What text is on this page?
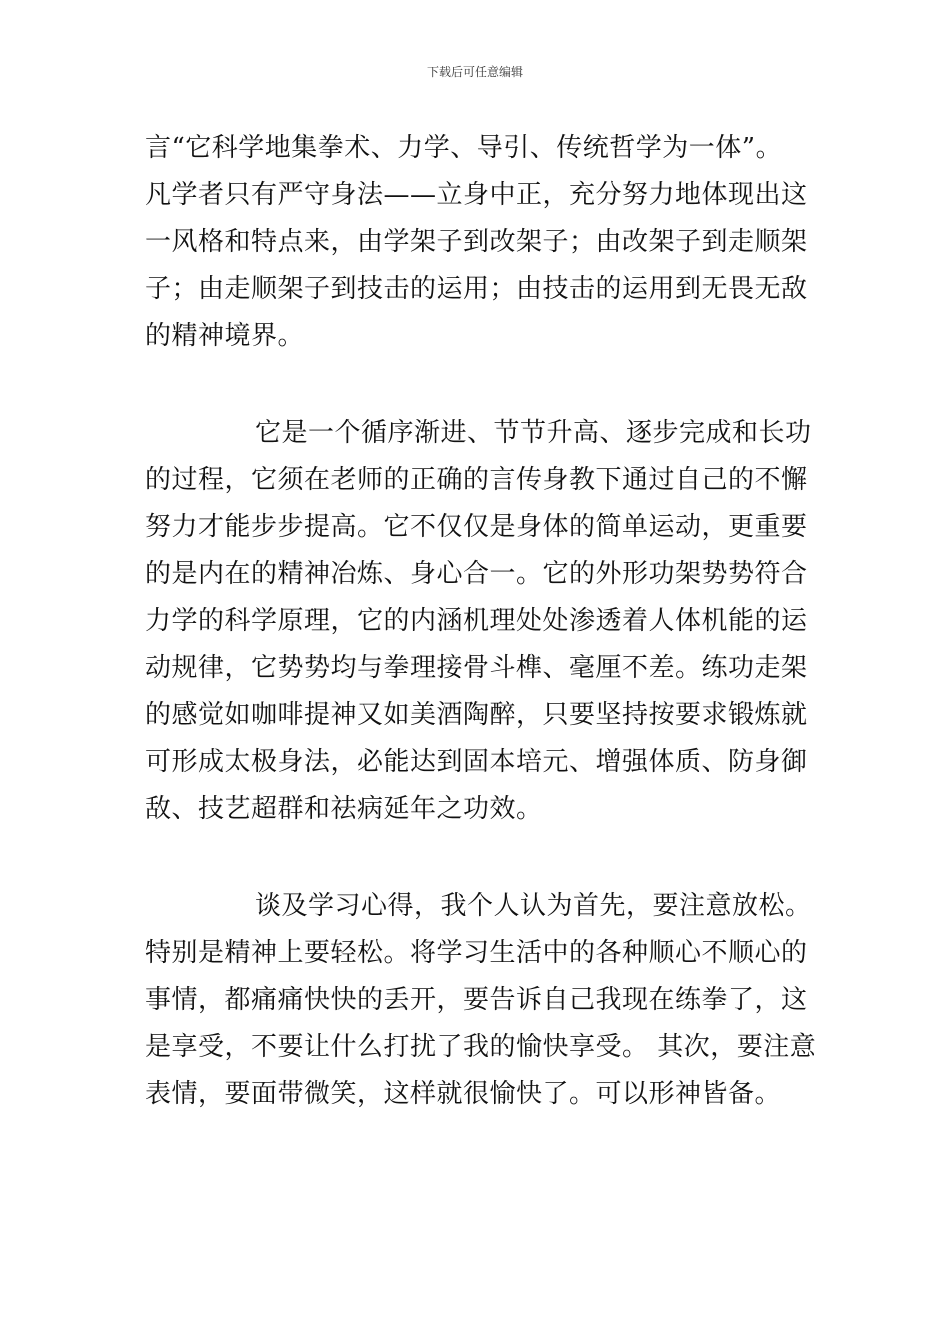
下载后可任意编辑
言“它科学地集拳术、力学、导引、传统哲学为一体”。
凡学者只有严守身法——立身中正，充分努力地体现出这
一风格和特点来，由学架子到改架子；由改架子到走顺架
子；由走顺架子到技击的运用；由技击的运用到无畏无敌
的精神境界。
它是一个循序渐进、节节升高、逐步完成和长功
的过程，它须在老师的正确的言传身教下通过自己的不懈
努力才能步步提高。它不仅仅是身体的简单运动，更重要
的是内在的精神冶炼、身心合一。它的外形功架势势符合
力学的科学原理，它的内涵机理处处渗透着人体机能的运
动规律，它势势均与拳理接骨斗榫、毫厘不差。练功走架
的感觉如咖啡提神又如美酒陶醉，只要坚持按要求锻炼就
可形成太极身法，必能达到固本培元、增强体质、防身御
敌、技艺超群和祛病延年之功效。
谈及学习心得，我个人认为首先，要注意放松。
特别是精神上要轻松。将学习生活中的各种顺心不顺心的
事情，都痛痛快快的丢开，要告诉自己我现在练拳了，这
是享受，不要让什么打扰了我的愉快享受。 其次，要注意
表情，要面带微笑，这样就很愉快了。可以形神皆备。
